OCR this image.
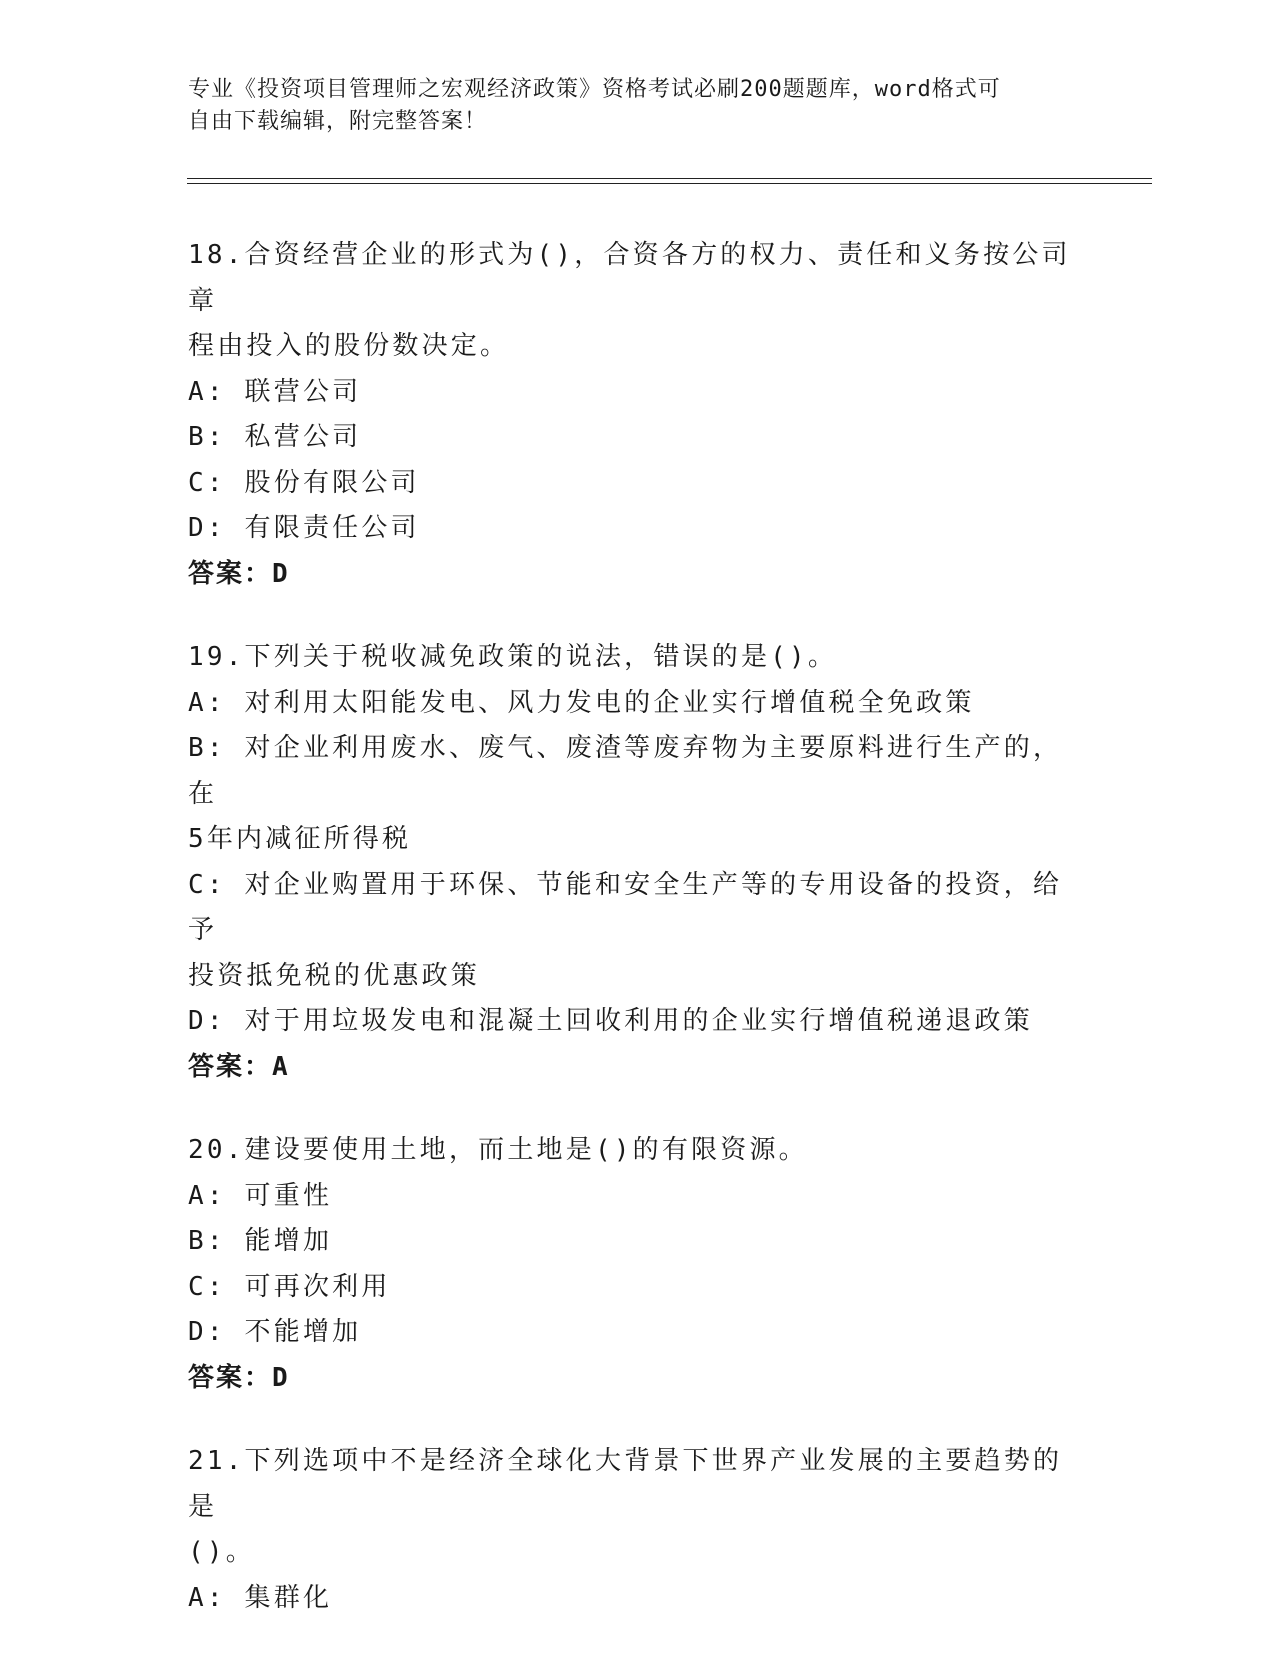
专业《投资项目管理师之宏观经济政策》资格考试必刷200题题库，word格式可
自由下载编辑，附完整答案！
18.合资经营企业的形式为()，合资各方的权力、责任和义务按公司章
程由投入的股份数决定。
A: 联营公司
B: 私营公司
C: 股份有限公司
D: 有限责任公司
答案：D
19.下列关于税收减免政策的说法，错误的是()。
A: 对利用太阳能发电、风力发电的企业实行增值税全免政策
B: 对企业利用废水、废气、废渣等废弃物为主要原料进行生产的，在
5年内减征所得税
C: 对企业购置用于环保、节能和安全生产等的专用设备的投资，给予
投资抵免税的优惠政策
D: 对于用垃圾发电和混凝土回收利用的企业实行增值税递退政策
答案：A
20.建设要使用土地，而土地是()的有限资源。
A: 可重性
B: 能增加
C: 可再次利用
D: 不能增加
答案：D
21.下列选项中不是经济全球化大背景下世界产业发展的主要趋势的是
()。
A: 集群化
